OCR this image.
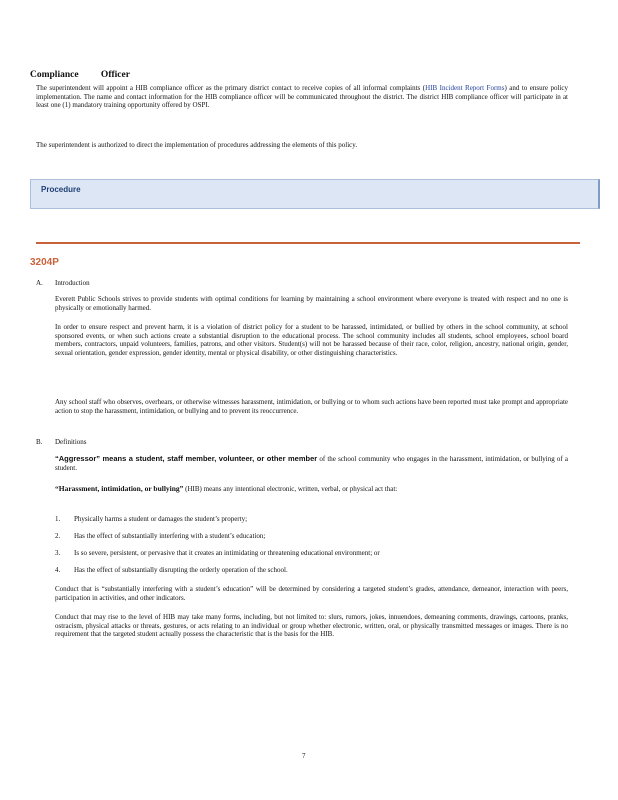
Compliance Officer
The superintendent will appoint a HIB compliance officer as the primary district contact to receive copies of all informal complaints (HIB Incident Report Forms) and to ensure policy implementation. The name and contact information for the HIB compliance officer will be communicated throughout the district. The district HIB compliance officer will participate in at least one (1) mandatory training opportunity offered by OSPI.
The superintendent is authorized to direct the implementation of procedures addressing the elements of this policy.
Procedure
3204P
A. Introduction
Everett Public Schools strives to provide students with optimal conditions for learning by maintaining a school environment where everyone is treated with respect and no one is physically or emotionally harmed.
In order to ensure respect and prevent harm, it is a violation of district policy for a student to be harassed, intimidated, or bullied by others in the school community, at school sponsored events, or when such actions create a substantial disruption to the educational process. The school community includes all students, school employees, school board members, contractors, unpaid volunteers, families, patrons, and other visitors. Student(s) will not be harassed because of their race, color, religion, ancestry, national origin, gender, sexual orientation, gender expression, gender identity, mental or physical disability, or other distinguishing characteristics.
Any school staff who observes, overhears, or otherwise witnesses harassment, intimidation, or bullying or to whom such actions have been reported must take prompt and appropriate action to stop the harassment, intimidation, or bullying and to prevent its reoccurrence.
B. Definitions
“Aggressor” means a student, staff member, volunteer, or other member of the school community who engages in the harassment, intimidation, or bullying of a student.
“Harassment, intimidation, or bullying” (HIB) means any intentional electronic, written, verbal, or physical act that:
1. Physically harms a student or damages the student’s property;
2. Has the effect of substantially interfering with a student’s education;
3. Is so severe, persistent, or pervasive that it creates an intimidating or threatening educational environment; or
4. Has the effect of substantially disrupting the orderly operation of the school.
Conduct that is “substantially interfering with a student’s education” will be determined by considering a targeted student’s grades, attendance, demeanor, interaction with peers, participation in activities, and other indicators.
Conduct that may rise to the level of HIB may take many forms, including, but not limited to: slurs, rumors, jokes, innuendoes, demeaning comments, drawings, cartoons, pranks, ostracism, physical attacks or threats, gestures, or acts relating to an individual or group whether electronic, written, oral, or physically transmitted messages or images. There is no requirement that the targeted student actually possess the characteristic that is the basis for the HIB.
7
